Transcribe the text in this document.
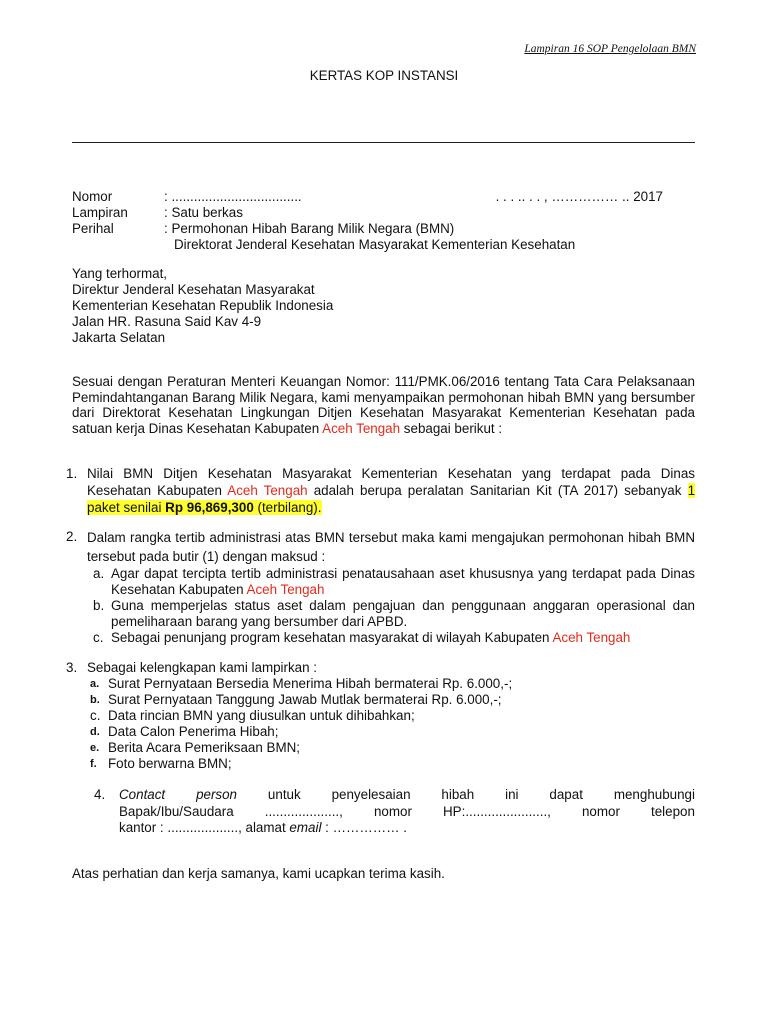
Lampiran 16 SOP Pengelolaan BMN
KERTAS KOP INSTANSI
Nomor	: ...................................	. . . .. . . , …………… .. 2017
Lampiran	: Satu berkas
Perihal	: Permohonan Hibah Barang Milik Negara (BMN)
Direktorat Jenderal Kesehatan Masyarakat Kementerian Kesehatan
Yang terhormat,
Direktur Jenderal Kesehatan Masyarakat
Kementerian Kesehatan Republik Indonesia
Jalan HR. Rasuna Said Kav 4-9
Jakarta Selatan
Sesuai dengan Peraturan Menteri Keuangan Nomor: 111/PMK.06/2016 tentang Tata Cara Pelaksanaan Pemindahtanganan Barang Milik Negara, kami menyampaikan permohonan hibah BMN yang bersumber dari Direktorat Kesehatan Lingkungan Ditjen Kesehatan Masyarakat Kementerian Kesehatan pada satuan kerja Dinas Kesehatan Kabupaten Aceh Tengah sebagai berikut :
1. Nilai BMN Ditjen Kesehatan Masyarakat Kementerian Kesehatan yang terdapat pada Dinas Kesehatan Kabupaten Aceh Tengah adalah berupa peralatan Sanitarian Kit (TA 2017) sebanyak 1 paket senilai Rp 96,869,300 (terbilang).
2. Dalam rangka tertib administrasi atas BMN tersebut maka kami mengajukan permohonan hibah BMN tersebut pada butir (1) dengan maksud :
a. Agar dapat tercipta tertib administrasi penatausahaan aset khususnya yang terdapat pada Dinas Kesehatan Kabupaten Aceh Tengah
b. Guna memperjelas status aset dalam pengajuan dan penggunaan anggaran operasional dan pemeliharaan barang yang bersumber dari APBD.
c. Sebagai penunjang program kesehatan masyarakat di wilayah Kabupaten Aceh Tengah
3. Sebagai kelengkapan kami lampirkan :
a. Surat Pernyataan Bersedia Menerima Hibah bermaterai Rp. 6.000,-;
b. Surat Pernyataan Tanggung Jawab Mutlak bermaterai Rp. 6.000,-;
c. Data rincian BMN yang diusulkan untuk dihibahkan;
d. Data Calon Penerima Hibah;
e. Berita Acara Pemeriksaan BMN;
f. Foto berwarna BMN;
4. Contact person untuk penyelesaian hibah ini dapat menghubungi
Bapak/Ibu/Saudara ...................., nomor HP:......................, nomor telepon
kantor : ..................., alamat email : …………… .
Atas perhatian dan kerja samanya, kami ucapkan terima kasih.
